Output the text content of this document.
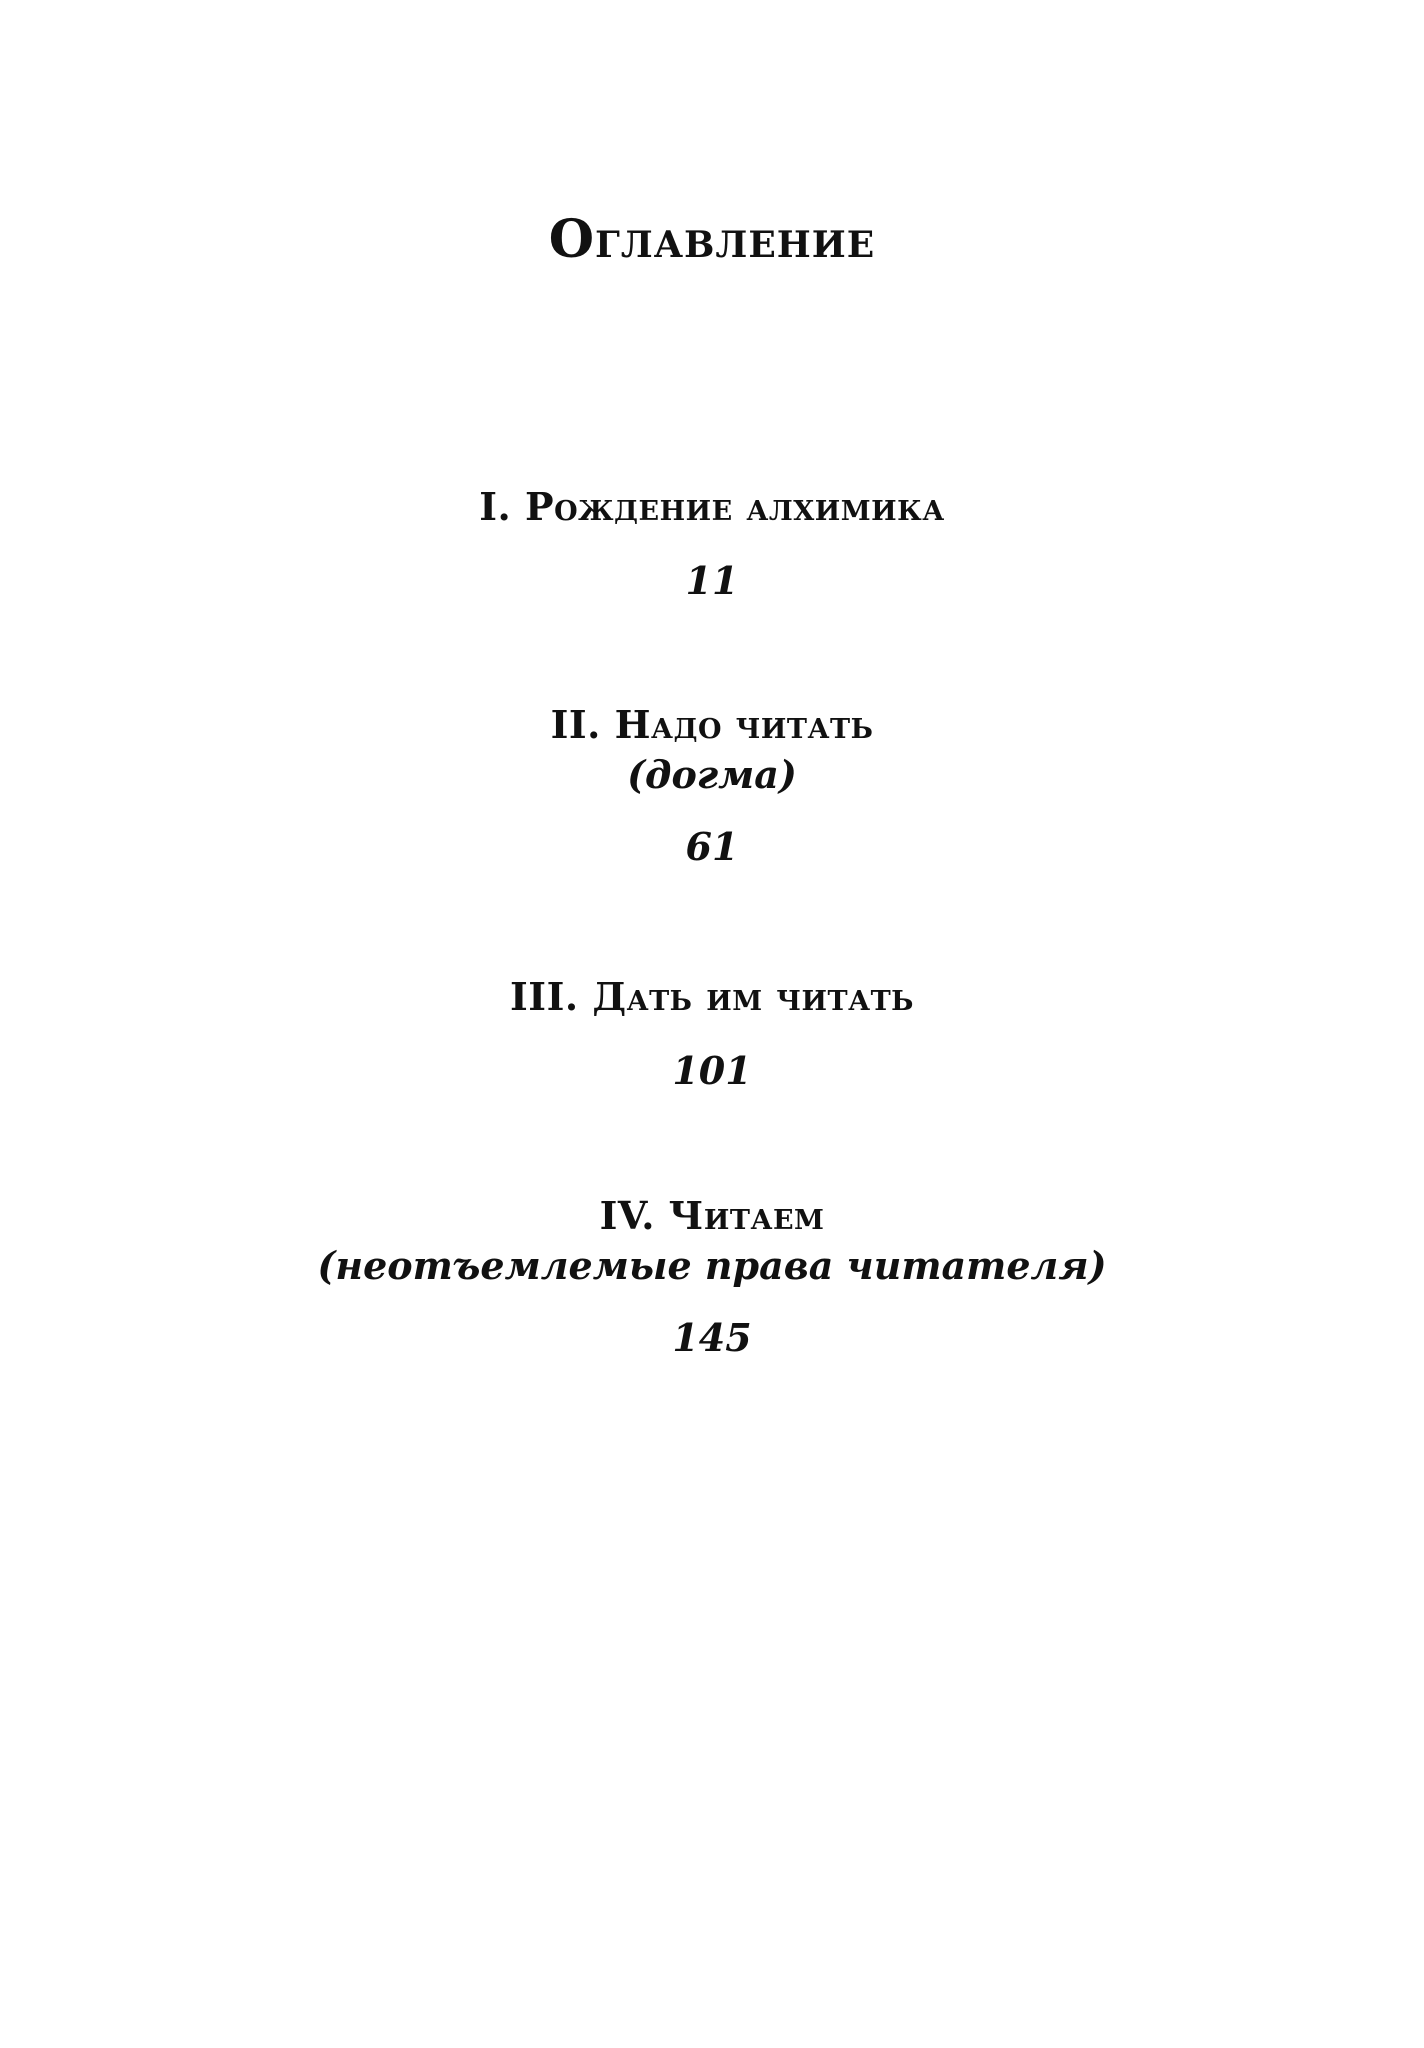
Оглавление
I. Рождение алхимика
11
II. Надо читать
(догма)
61
III. Дать им читать
101
IV. Читаем
(неотъемлемые права читателя)
145
